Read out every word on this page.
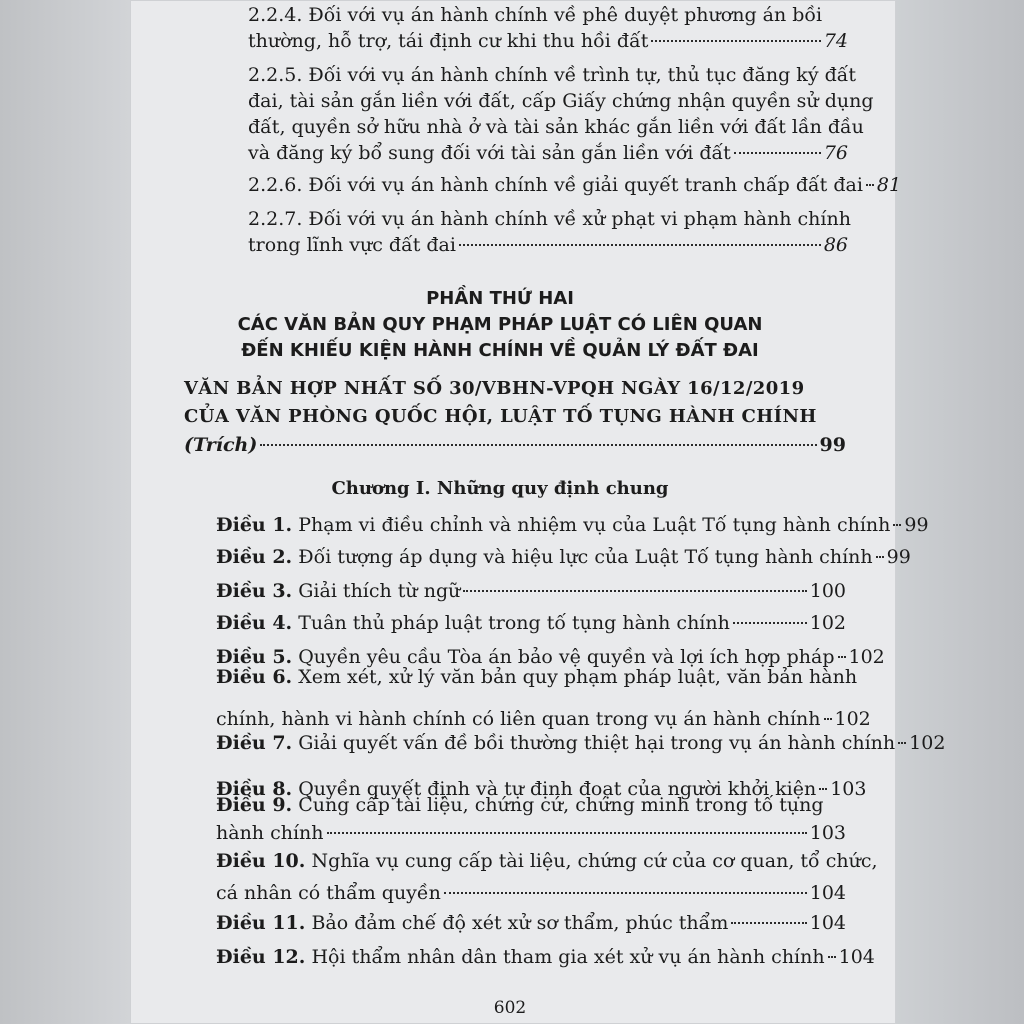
2.2.4. Đối với vụ án hành chính về phê duyệt phương án bồi
thường, hỗ trợ, tái định cư khi thu hồi đất	74
2.2.5. Đối với vụ án hành chính về trình tự, thủ tục đăng ký đất
đai, tài sản gắn liền với đất, cấp Giấy chứng nhận quyền sử dụng
đất, quyền sở hữu nhà ở và tài sản khác gắn liền với đất lần đầu
và đăng ký bổ sung đối với tài sản gắn liền với đất	76
2.2.6. Đối với vụ án hành chính về giải quyết tranh chấp đất đai 81
2.2.7. Đối với vụ án hành chính về xử phạt vi phạm hành chính
trong lĩnh vực đất đai	86
PHẦN THỨ HAI
CÁC VĂN BẢN QUY PHẠM PHÁP LUẬT CÓ LIÊN QUAN
ĐẾN KHIẾU KIỆN HÀNH CHÍNH VỀ QUẢN LÝ ĐẤT ĐAI
VĂN BẢN HỢP NHẤT SỐ 30/VBHN-VPQH NGÀY 16/12/2019
CỦA VĂN PHÒNG QUỐC HỘI, LUẬT TỐ TỤNG HÀNH CHÍNH
(Trích)	99
Chương I. Những quy định chung
Điều 1. Phạm vi điều chỉnh và nhiệm vụ của Luật Tố tụng hành chính 99
Điều 2. Đối tượng áp dụng và hiệu lực của Luật Tố tụng hành chính 99
Điều 3. Giải thích từ ngữ	100
Điều 4. Tuân thủ pháp luật trong tố tụng hành chính	102
Điều 5. Quyền yêu cầu Tòa án bảo vệ quyền và lợi ích hợp pháp 102
Điều 6. Xem xét, xử lý văn bản quy phạm pháp luật, văn bản hành
chính, hành vi hành chính có liên quan trong vụ án hành chính 102
Điều 7. Giải quyết vấn đề bồi thường thiệt hại trong vụ án hành chính 102
Điều 8. Quyền quyết định và tự định đoạt của người khởi kiện 103
Điều 9. Cung cấp tài liệu, chứng cứ, chứng minh trong tố tụng
hành chính	103
Điều 10. Nghĩa vụ cung cấp tài liệu, chứng cứ của cơ quan, tổ chức,
cá nhân có thẩm quyền	104
Điều 11. Bảo đảm chế độ xét xử sơ thẩm, phúc thẩm	104
Điều 12. Hội thẩm nhân dân tham gia xét xử vụ án hành chính 104
602
